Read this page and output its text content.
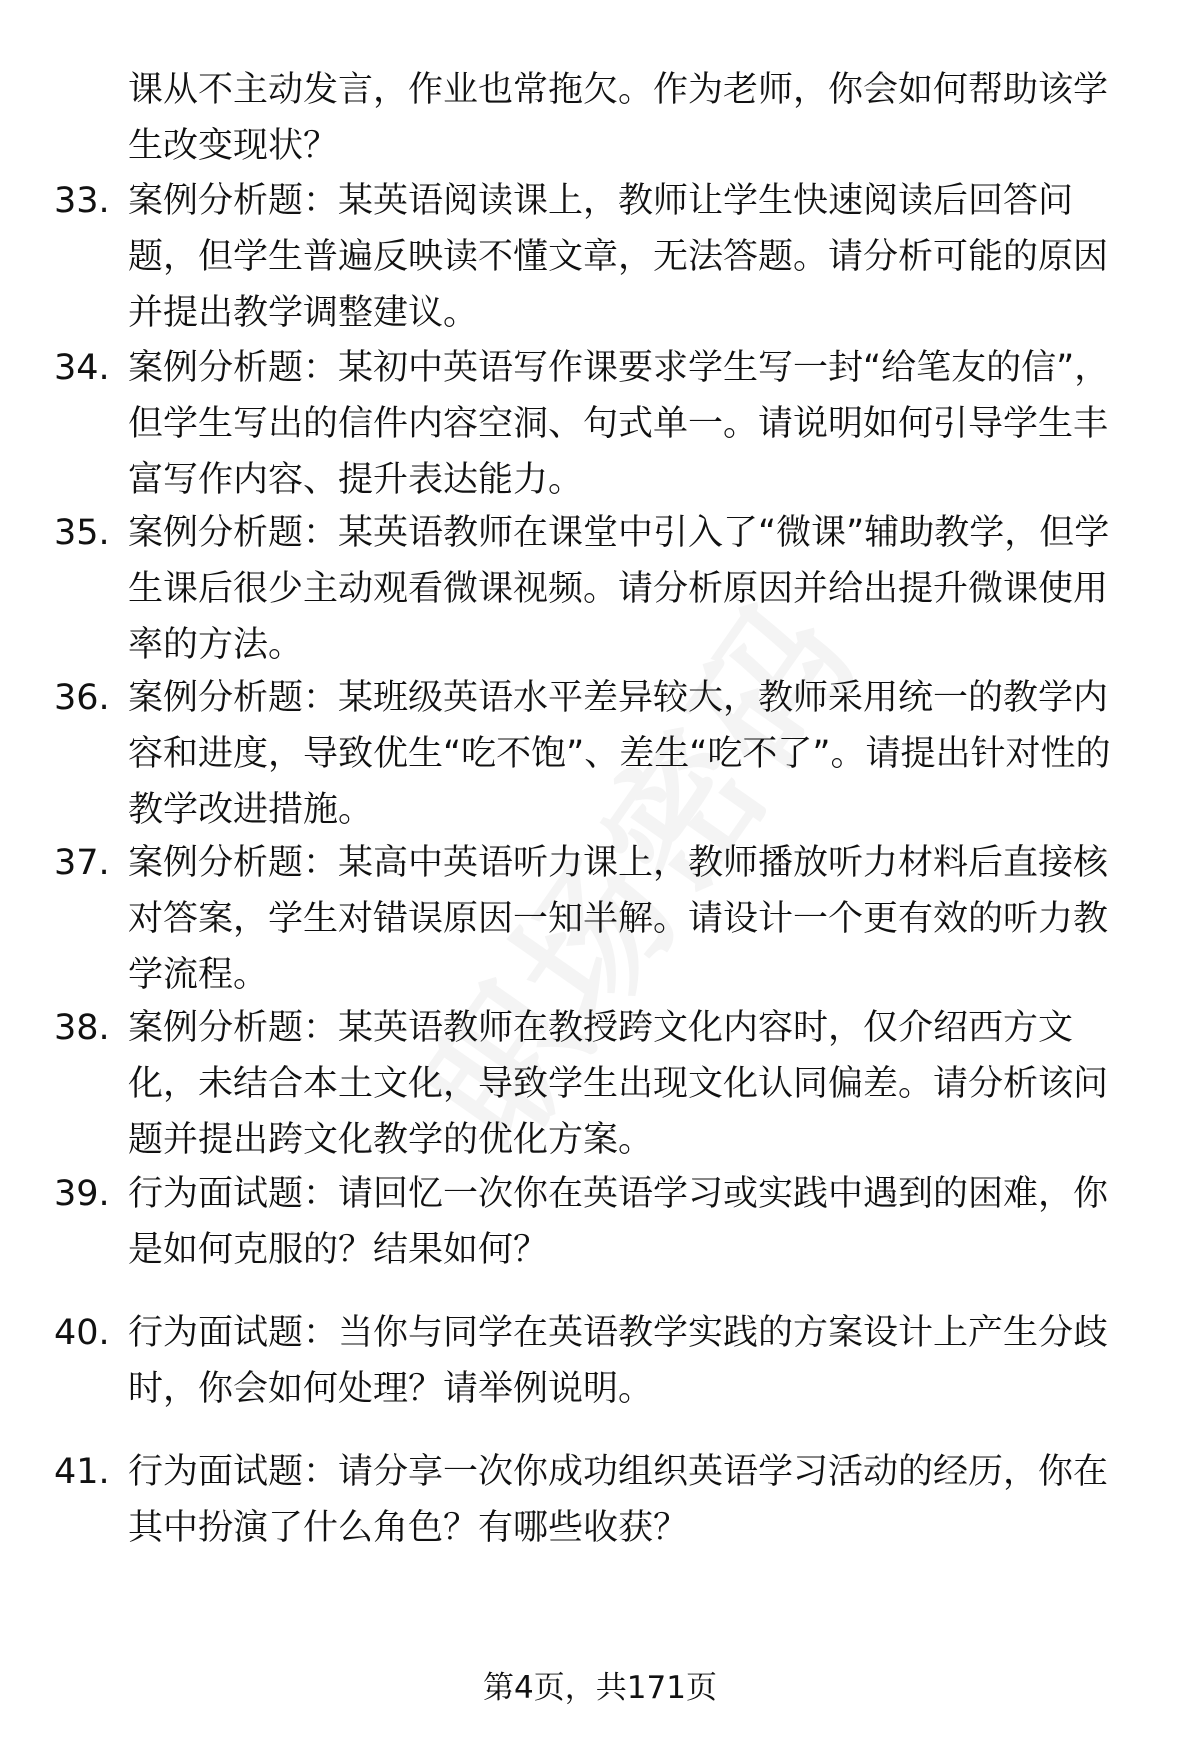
课从不主动发言，作业也常拖欠。作为老师，你会如何帮助该学生改变现状？

33. 案例分析题：某英语阅读课上，教师让学生快速阅读后回答问题，但学生普遍反映读不懂文章，无法答题。请分析可能的原因并提出教学调整建议。
34. 案例分析题：某初中英语写作课要求学生写一封“给笔友的信”，但学生写出的信件内容空洞、句式单一。请说明如何引导学生丰富写作内容、提升表达能力。
35. 案例分析题：某英语教师在课堂中引入了“微课”辅助教学，但学生课后很少主动观看微课视频。请分析原因并给出提升微课使用率的方法。
36. 案例分析题：某班级英语水平差异较大，教师采用统一的教学内容和进度，导致优生“吃不饱”、差生“吃不了”。请提出针对性的教学改进措施。
37. 案例分析题：某高中英语听力课上，教师播放听力材料后直接核对答案，学生对错误原因一知半解。请设计一个更有效的听力教学流程。
38. 案例分析题：某英语教师在教授跨文化内容时，仅介绍西方文化，未结合本土文化，导致学生出现文化认同偏差。请分析该问题并提出跨文化教学的优化方案。
39. 行为面试题：请回忆一次你在英语学习或实践中遇到的困难，你是如何克服的？结果如何？
40. 行为面试题：当你与同学在英语教学实践的方案设计上产生分歧时，你会如何处理？请举例说明。
41. 行为面试题：请分享一次你成功组织英语学习活动的经历，你在其中扮演了什么角色？有哪些收获？
第4页，共171页
